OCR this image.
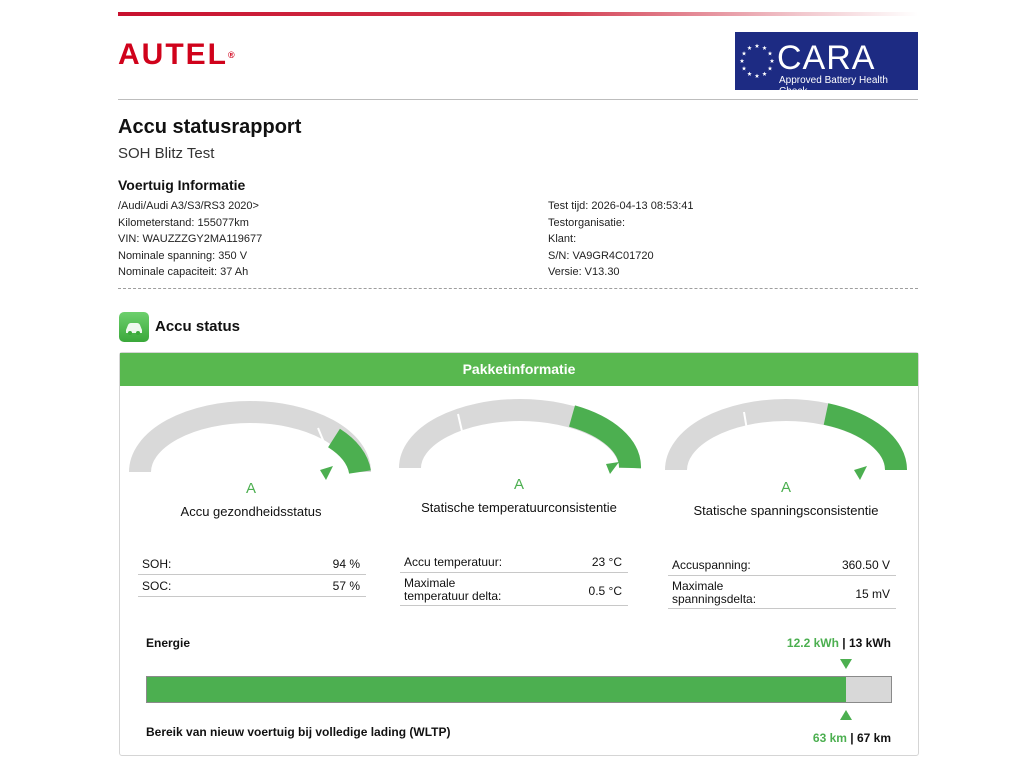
AUTEL®	CARA
Approved Battery Health Check
Accu statusrapport
SOH Blitz Test
Voertuig Informatie
/Audi/Audi A3/S3/RS3 2020>
Kilometerstand: 155077km
VIN: WAUZZZGY2MA119677
Nominale spanning: 350 V
Nominale capaciteit: 37 Ah
Test tijd: 2026-04-13 08:53:41
Testorganisatie:
Klant:
S/N: VA9GR4C01720
Versie: V13.30
Accu status
Pakketinformatie
A
Accu gezondheidsstatus
A
Statische temperatuurconsistentie
A
Statische spanningsconsistentie
SOH:	94 %
SOC:	57 %
Accu temperatuur:	23 °C
Maximale
temperatuur delta:	0.5 °C
Accuspanning:	360.50 V
Maximale
spanningsdelta:	15 mV
Energie	12.2 kWh | 13 kWh
Bereik van nieuw voertuig bij volledige lading (WLTP)	63 km | 67 km
